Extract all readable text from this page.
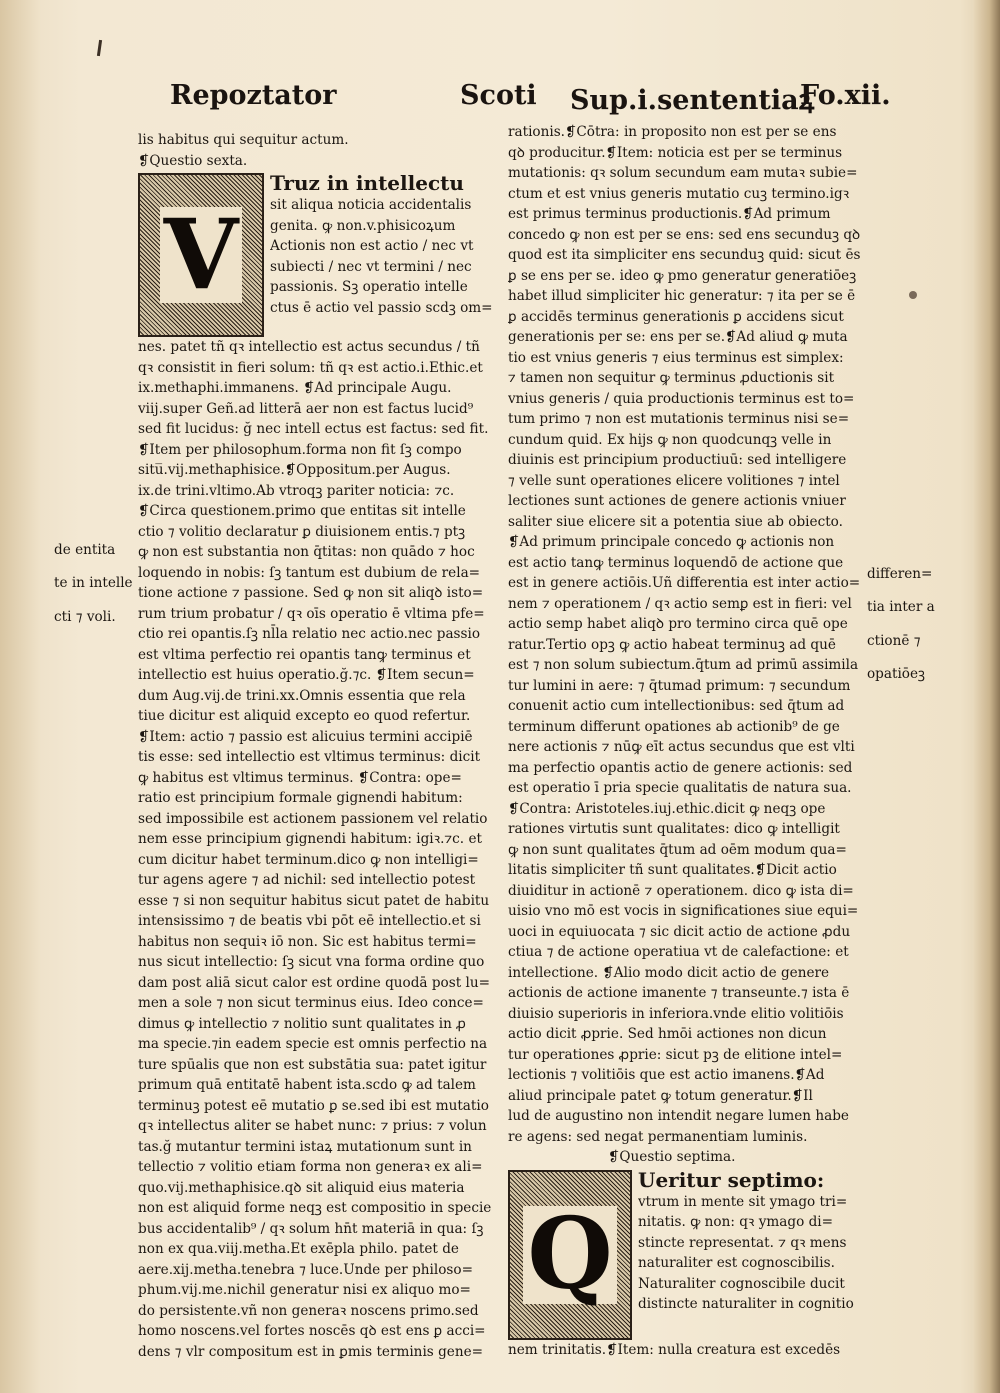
Repoztator	Scoti Sup.i.sententiaꝝ
Fo.xii.

lis habitus qui sequitur actum.

❡Questio sexta.

V

Truz in intellectu

sit aliqua noticia accidentalis

genita. ꝙ non.v.phisicoꝝum

Actionis non est actio / nec vt

subiecti / nec vt termini / nec

passionis. Sꝫ operatio intelle

ctus ē actio vel passio scdꝫ om=

nes. patet tñ qꝛ intellectio est actus secundus / tñ

qꝛ consistit in fieri solum: tñ qꝛ est actio.i.Ethic.et

ix.methaphi.immanens. ❡Ad principale Augu.

viij.super Geñ.ad litterā aer non est factus lucid⁹

sed fit lucidus: ğ nec intell ectus est factus: sed fit.

❡Item per philosophum.forma non fit ſꝫ compo

situ̅.vij.methaphisice.❡Oppositum.per Augus.

ix.de trini.vltimo.Ab vtroqꝫ pariter noticia: ⁊c.

❡Circa questionem.primo que entitas sit intelle

ctio ⁊ volitio declaratur ꝑ diuisionem entis.⁊ ptꝫ

ꝙ non est substantia non q̄titas: non quādo ⁊ hoc

loquendo in nobis: ſꝫ tantum est dubium de rela=

tione actione ⁊ passione. Sed ꝙ non sit aliqꝺ isto=

rum trium probatur / qꝛ oīs operatio ē vltima pfe=

ctio rei opantis.ſꝫ nl̄la relatio nec actio.nec passio

est vltima perfectio rei opantis tanꝙ terminus et

intellectio est huius operatio.ğ.⁊c. ❡Item secun=

dum Aug.vij.de trini.xx.Omnis essentia que rela

tiue dicitur est aliquid excepto eo quod refertur.

❡Item: actio ⁊ passio est alicuius termini accipiē

tis esse: sed intellectio est vltimus terminus: dicit

ꝙ habitus est vltimus terminus. ❡Contra: ope=

ratio est principium formale gignendi habitum:

sed impossibile est actionem passionem vel relatio

nem esse principium gignendi habitum: igiꝛ.⁊c. et

cum dicitur habet terminum.dico ꝙ non intelligi=

tur agens agere ⁊ ad nichil: sed intellectio potest

esse ⁊ si non sequitur habitus sicut patet de habitu

intensissimo ⁊ de beatis vbi pōt eē intellectio.et si

habitus non sequiꝛ iō non. Sic est habitus termi=

nus sicut intellectio: ſꝫ sicut vna forma ordine quo

dam post aliā sicut calor est ordine quodā post lu=

men a sole ⁊ non sicut terminus eius. Ideo conce=

dimus ꝙ intellectio ⁊ nolitio sunt qualitates in ꝓ

ma specie.⁊in eadem specie est omnis perfectio na

ture spūalis que non est substātia sua: patet igitur

primum quā entitatē habent ista.scdo ꝙ ad talem

terminuꝫ potest eē mutatio ꝑ se.sed ibi est mutatio

qꝛ intellectus aliter se habet nunc: ⁊ prius: ⁊ volun

tas.ğ mutantur termini istaꝝ mutationum sunt in

tellectio ⁊ volitio etiam forma non generaꝛ ex ali=

quo.vij.methaphisice.qꝺ sit aliquid eius materia

non est aliquid forme neqꝫ est compositio in specie

bus accidentalib⁹ / qꝛ solum hn̄t materiā in qua: ſꝫ

non ex qua.viij.metha.Et exēpla philo. patet de

aere.xij.metha.tenebra ⁊ luce.Unde per philoso=

phum.vij.me.nichil generatur nisi ex aliquo mo=

do persistente.vñ non generaꝛ noscens primo.sed

homo noscens.vel fortes noscēs qꝺ est ens ꝑ acci=

dens ⁊ vlr compositum est in ꝑmis terminis gene=

rationis.❡Cōtra: in proposito non est per se ens

qꝺ producitur.❡Item: noticia est per se terminus

mutationis: qꝛ solum secundum eam mutaꝛ subie=

ctum et est vnius generis mutatio cuꝫ termino.igꝛ

est primus terminus productionis.❡Ad primum

concedo ꝙ non est per se ens: sed ens secunduꝫ qꝺ

quod est ita simpliciter ens secunduꝫ quid: sicut ēs

ꝑ se ens per se. ideo ꝙ pmo generatur generatiōeꝫ

habet illud simpliciter hic generatur: ⁊ ita per se ē

ꝑ accidēs terminus generationis ꝑ accidens sicut

generationis per se: ens per se.❡Ad aliud ꝙ muta

tio est vnius generis ⁊ eius terminus est simplex:

⁊ tamen non sequitur ꝙ terminus ꝓductionis sit

vnius generis / quia productionis terminus est to=

tum primo ⁊ non est mutationis terminus nisi se=

cundum quid. Ex hijs ꝙ non quodcunqꝫ velle in

diuinis est principium productiuū: sed intelligere

⁊ velle sunt operationes elicere volitiones ⁊ intel

lectiones sunt actiones de genere actionis vniuer

saliter siue elicere sit a potentia siue ab obiecto.

❡Ad primum principale concedo ꝙ actionis non

est actio tanꝙ terminus loquendō de actione que

est in genere actiōis.Uñ differentia est inter actio=

nem ⁊ operationem / qꝛ actio semꝑ est in fieri: vel

actio semp habet aliqꝺ pro termino circa quē ope

ratur.Tertio opꝫ ꝙ actio habeat terminuꝫ ad quē

est ⁊ non solum subiectum.q̄tum ad primū assimila

tur lumini in aere: ⁊ q̄tumad primum: ⁊ secundum

conuenit actio cum intellectionibus: sed q̄tum ad

terminum differunt opationes ab actionib⁹ de ge

nere actionis ⁊ nūꝙ eīt actus secundus que est vlti

ma perfectio opantis actio de genere actionis: sed

est operatio ī pria specie qualitatis de natura sua.

❡Contra: Aristoteles.iuj.ethic.dicit ꝙ neqꝫ ope

rationes virtutis sunt qualitates: dico ꝙ intelligit

ꝙ non sunt qualitates q̄tum ad oēm modum qua=

litatis simpliciter tñ sunt qualitates.❡Dicit actio

diuiditur in actionē ⁊ operationem. dico ꝙ ista di=

uisio vno mō est vocis in significationes siue equi=

uoci in equiuocata ⁊ sic dicit actio de actione ꝓdu

ctiua ⁊ de actione operatiua vt de calefactione: et

intellectione. ❡Alio modo dicit actio de genere

actionis de actione imanente ⁊ transeunte.⁊ ista ē

diuisio superioris in inferiora.vnde elitio volitiōis

actio dicit ꝓprie. Sed hmōi actiones non dicun

tur operationes ꝓprie: sicut pꝫ de elitione intel=

lectionis ⁊ volitiōis que est actio imanens.❡Ad

aliud principale patet ꝙ totum generatur.❡Il

lud de augustino non intendit negare lumen habe

re agens: sed negat permanentiam luminis.

❡Questio septima.

Q

Ueritur septimo:

vtrum in mente sit ymago tri=

nitatis. ꝙ non: qꝛ ymago di=

stincte representat. ⁊ qꝛ mens

naturaliter est cognoscibilis.

Naturaliter cognoscibile ducit

distincte naturaliter in cognitio

nem trinitatis.❡Item: nulla creatura est excedēs

de entita

te in intelle

cti ⁊ voli.

differen=

tia inter a

ctionē ⁊

opatiōeꝫ
